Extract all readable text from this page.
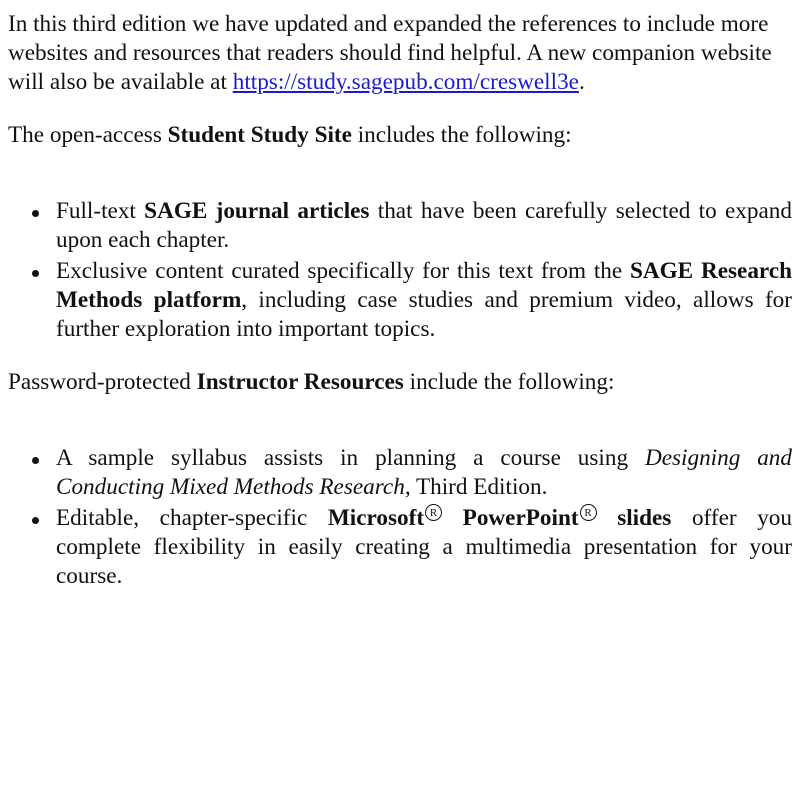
In this third edition we have updated and expanded the references to include more websites and resources that readers should find helpful. A new companion website will also be available at https://study.sagepub.com/creswell3e.

The open-access Student Study Site includes the following:

Full-text SAGE journal articles that have been carefully selected to expand upon each chapter.
Exclusive content curated specifically for this text from the SAGE Research Methods platform, including case studies and premium video, allows for further exploration into important topics.

Password-protected Instructor Resources include the following:

A sample syllabus assists in planning a course using Designing and Conducting Mixed Methods Research, Third Edition.
Editable, chapter-specific Microsoft R PowerPoint R slides offer you complete flexibility in easily creating a multimedia presentation for your course.
